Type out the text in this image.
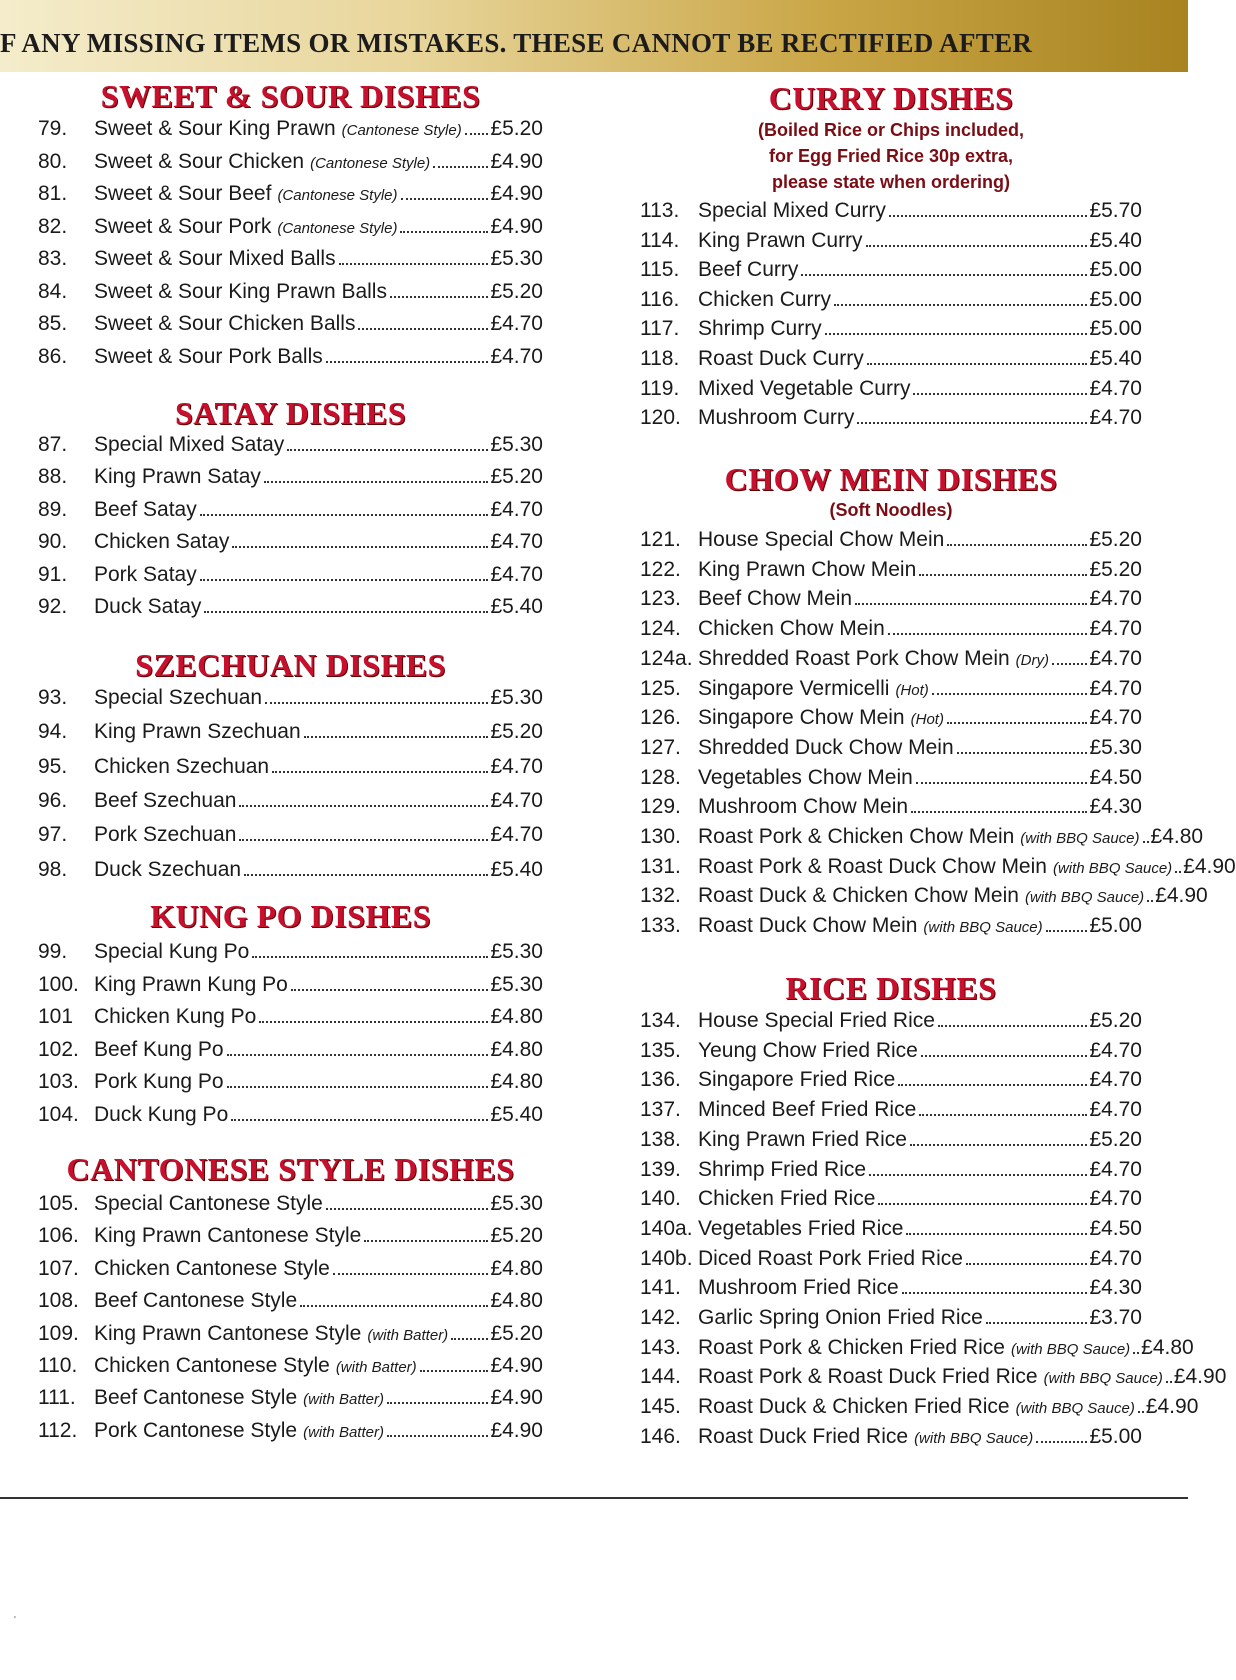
F ANY MISSING ITEMS OR MISTAKES. THESE CANNOT BE RECTIFIED AFTER
SWEET & SOUR DISHES
79.	Sweet & Sour King Prawn (Cantonese Style) £5.20
80.	Sweet & Sour Chicken (Cantonese Style)	£4.90
81.	Sweet & Sour Beef (Cantonese Style)	£4.90
82.	Sweet & Sour Pork (Cantonese Style)	£4.90
83.	Sweet & Sour Mixed Balls	£5.30
84.	Sweet & Sour King Prawn Balls	£5.20
85.	Sweet & Sour Chicken Balls	£4.70
86.	Sweet & Sour Pork Balls	£4.70
SATAY DISHES
87.	Special Mixed Satay	£5.30
88.	King Prawn Satay	£5.20
89.	Beef Satay	£4.70
90.	Chicken Satay	£4.70
91.	Pork Satay	£4.70
92.	Duck Satay	£5.40
SZECHUAN DISHES
93.	Special Szechuan	£5.30
94.	King Prawn Szechuan	£5.20
95.	Chicken Szechuan	£4.70
96.	Beef Szechuan	£4.70
97.	Pork Szechuan	£4.70
98.	Duck Szechuan	£5.40
KUNG PO DISHES
99.	Special Kung Po	£5.30
100. King Prawn Kung Po	£5.30
101 Chicken Kung Po	£4.80
102. Beef Kung Po	£4.80
103. Pork Kung Po	£4.80
104. Duck Kung Po	£5.40
CANTONESE STYLE DISHES
105. Special Cantonese Style	£5.30
106. King Prawn Cantonese Style	£5.20
107. Chicken Cantonese Style	£4.80
108. Beef Cantonese Style	£4.80
109. King Prawn Cantonese Style (with Batter) £5.20
110. Chicken Cantonese Style (with Batter)	£4.90
111. Beef Cantonese Style (with Batter)	£4.90
112. Pork Cantonese Style (with Batter)	£4.90
CURRY DISHES
(Boiled Rice or Chips included,
for Egg Fried Rice 30p extra,
please state when ordering)
113. Special Mixed Curry	£5.70
114. King Prawn Curry	£5.40
115. Beef Curry	£5.00
116. Chicken Curry	£5.00
117. Shrimp Curry	£5.00
118. Roast Duck Curry	£5.40
119. Mixed Vegetable Curry	£4.70
120. Mushroom Curry	£4.70
CHOW MEIN DISHES
(Soft Noodles)
121. House Special Chow Mein	£5.20
122. King Prawn Chow Mein	£5.20
123. Beef Chow Mein	£4.70
124. Chicken Chow Mein	£4.70
124a. Shredded Roast Pork Chow Mein (Dry) £4.70
125. Singapore Vermicelli (Hot)	£4.70
126. Singapore Chow Mein (Hot)	£4.70
127. Shredded Duck Chow Mein	£5.30
128. Vegetables Chow Mein	£4.50
129. Mushroom Chow Mein	£4.30
130. Roast Pork & Chicken Chow Mein (with BBQ Sauce) £4.80
131. Roast Pork & Roast Duck Chow Mein (with BBQ Sauce) £4.90
132. Roast Duck & Chicken Chow Mein (with BBQ Sauce) £4.90
133. Roast Duck Chow Mein (with BBQ Sauce) £5.00
RICE DISHES
134. House Special Fried Rice	£5.20
135. Yeung Chow Fried Rice	£4.70
136. Singapore Fried Rice	£4.70
137. Minced Beef Fried Rice	£4.70
138. King Prawn Fried Rice	£5.20
139. Shrimp Fried Rice	£4.70
140. Chicken Fried Rice	£4.70
140a. Vegetables Fried Rice	£4.50
140b. Diced Roast Pork Fried Rice	£4.70
141. Mushroom Fried Rice	£4.30
142. Garlic Spring Onion Fried Rice	£3.70
143. Roast Pork & Chicken Fried Rice (with BBQ Sauce) £4.80
144. Roast Pork & Roast Duck Fried Rice (with BBQ Sauce) £4.90
145. Roast Duck & Chicken Fried Rice (with BBQ Sauce) £4.90
146. Roast Duck Fried Rice (with BBQ Sauce)	£5.00
'
